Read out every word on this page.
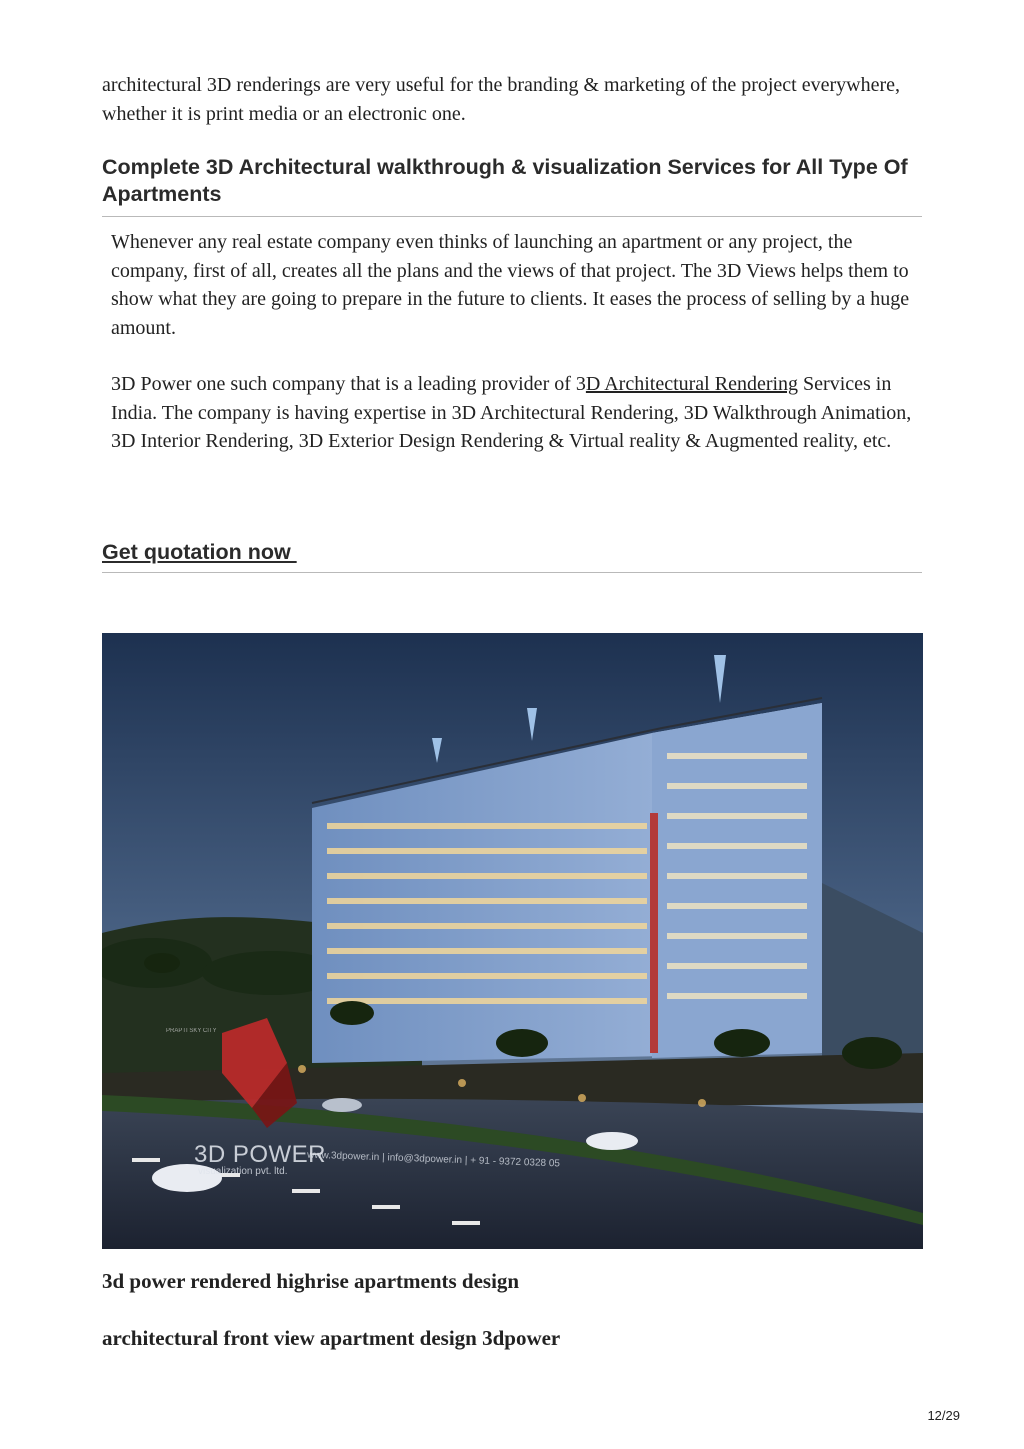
architectural 3D renderings are very useful for the branding & marketing of the project everywhere, whether it is print media or an electronic one.

Complete 3D Architectural walkthrough & visualization Services for All Type Of Apartments

Whenever any real estate company even thinks of launching an apartment or any project, the company, first of all, creates all the plans and the views of that project. The 3D Views helps them to show what they are going to prepare in the future to clients. It eases the process of selling by a huge amount.

3D Power one such company that is a leading provider of 3D Architectural Rendering Services in India. The company is having expertise in 3D Architectural Rendering, 3D Walkthrough Animation, 3D Interior Rendering, 3D Exterior Design Rendering & Virtual reality & Augmented reality, etc.

Get quotation now
3D POWER
visualization pvt. ltd.
www.3dpower.in | info@3dpower.in | + 91 - 9372 0328 05
PRAPTI SKY CITY

3d power rendered highrise apartments design

architectural front view apartment design 3dpower

12/29
